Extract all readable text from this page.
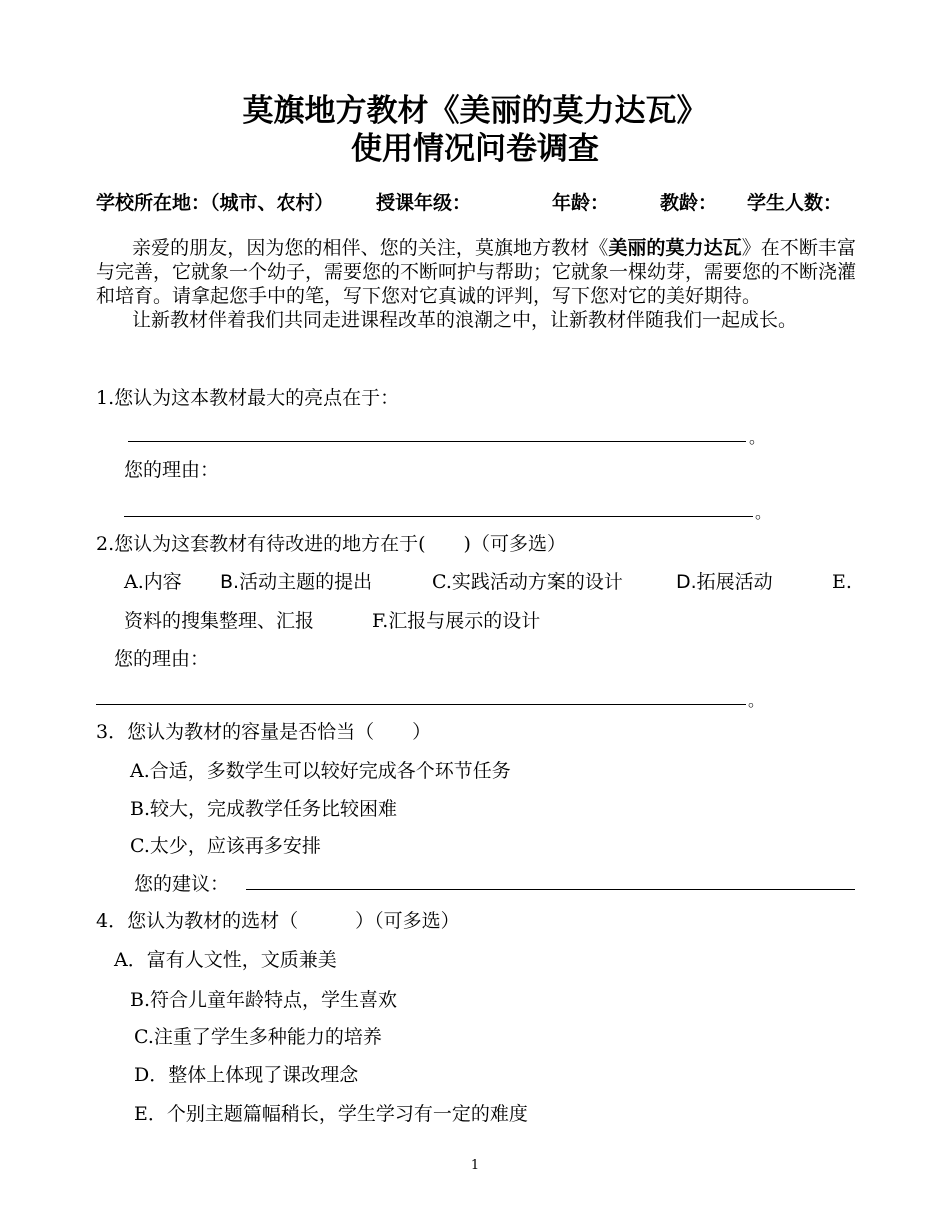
莫旗地方教材《美丽的莫力达瓦》
使用情况问卷调查
学校所在地：（城市、农村） 授课年级：	年龄：	教龄： 学生人数：

亲爱的朋友，因为您的相伴、您的关注，莫旗地方教材《美丽的莫力达瓦》在不断丰富与完善，它就象一个幼子，需要您的不断呵护与帮助；它就象一棵幼芽，需要您的不断浇灌和培育。请拿起您手中的笔，写下您对它真诚的评判，写下您对它的美好期待。

让新教材伴着我们共同走进课程改革的浪潮之中，让新教材伴随我们一起成长。

1.您认为这本教材最大的亮点在于：
。
您的理由：
。
2.您认为这套教材有待改进的地方在于(　　)（可多选）
A.内容 B.活动主题的提出	C.实践活动方案的设计	D.拓展活动	E.
资料的搜集整理、汇报	F.汇报与展示的设计
您的理由：
。
3．您认为教材的容量是否恰当（　　）
A.合适，多数学生可以较好完成各个环节任务
B.较大，完成教学任务比较困难
C.太少，应该再多安排
您的建议：
4．您认为教材的选材（　　　）（可多选）
A．富有人文性，文质兼美
B.符合儿童年龄特点，学生喜欢
C.注重了学生多种能力的培养
D．整体上体现了课改理念
E．个别主题篇幅稍长，学生学习有一定的难度
1
